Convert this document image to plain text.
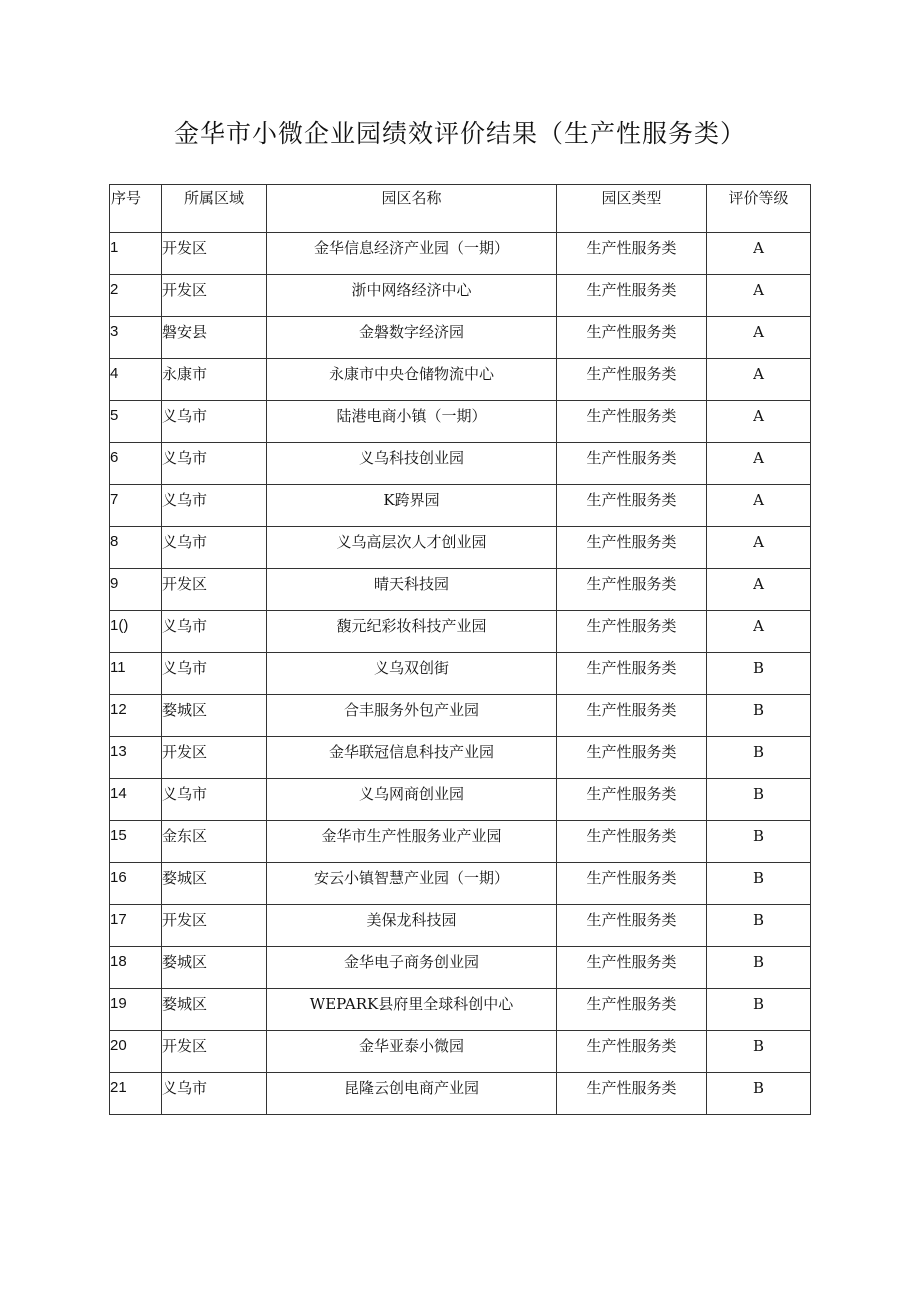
金华市小微企业园绩效评价结果（生产性服务类）
序号	所属区域	园区名称	园区类型	评价等级
1	开发区	金华信息经济产业园（一期）	生产性服务类	A
2	开发区	浙中网络经济中心	生产性服务类	A
3	磐安县	金磐数字经济园	生产性服务类	A
4	永康市	永康市中央仓储物流中心	生产性服务类	A
5	义乌市	陆港电商小镇（一期）	生产性服务类	A
6	义乌市	义乌科技创业园	生产性服务类	A
7	义乌市	K跨界园	生产性服务类	A
8	义乌市	义乌高层次人才创业园	生产性服务类	A
9	开发区	晴天科技园	生产性服务类	A
1()	义乌市	馥元纪彩妆科技产业园	生产性服务类	A
11	义乌市	义乌双创街	生产性服务类	B
12	婺城区	合丰服务外包产业园	生产性服务类	B
13	开发区	金华联冠信息科技产业园	生产性服务类	B
14	义乌市	义乌网商创业园	生产性服务类	B
15	金东区	金华市生产性服务业产业园	生产性服务类	B
16	婺城区	安云小镇智慧产业园（一期）	生产性服务类	B
17	开发区	美保龙科技园	生产性服务类	B
18	婺城区	金华电子商务创业园	生产性服务类	B
19	婺城区	WEPARK县府里全球科创中心	生产性服务类	B
20	开发区	金华亚泰小微园	生产性服务类	B
21	义乌市	昆隆云创电商产业园	生产性服务类	B
